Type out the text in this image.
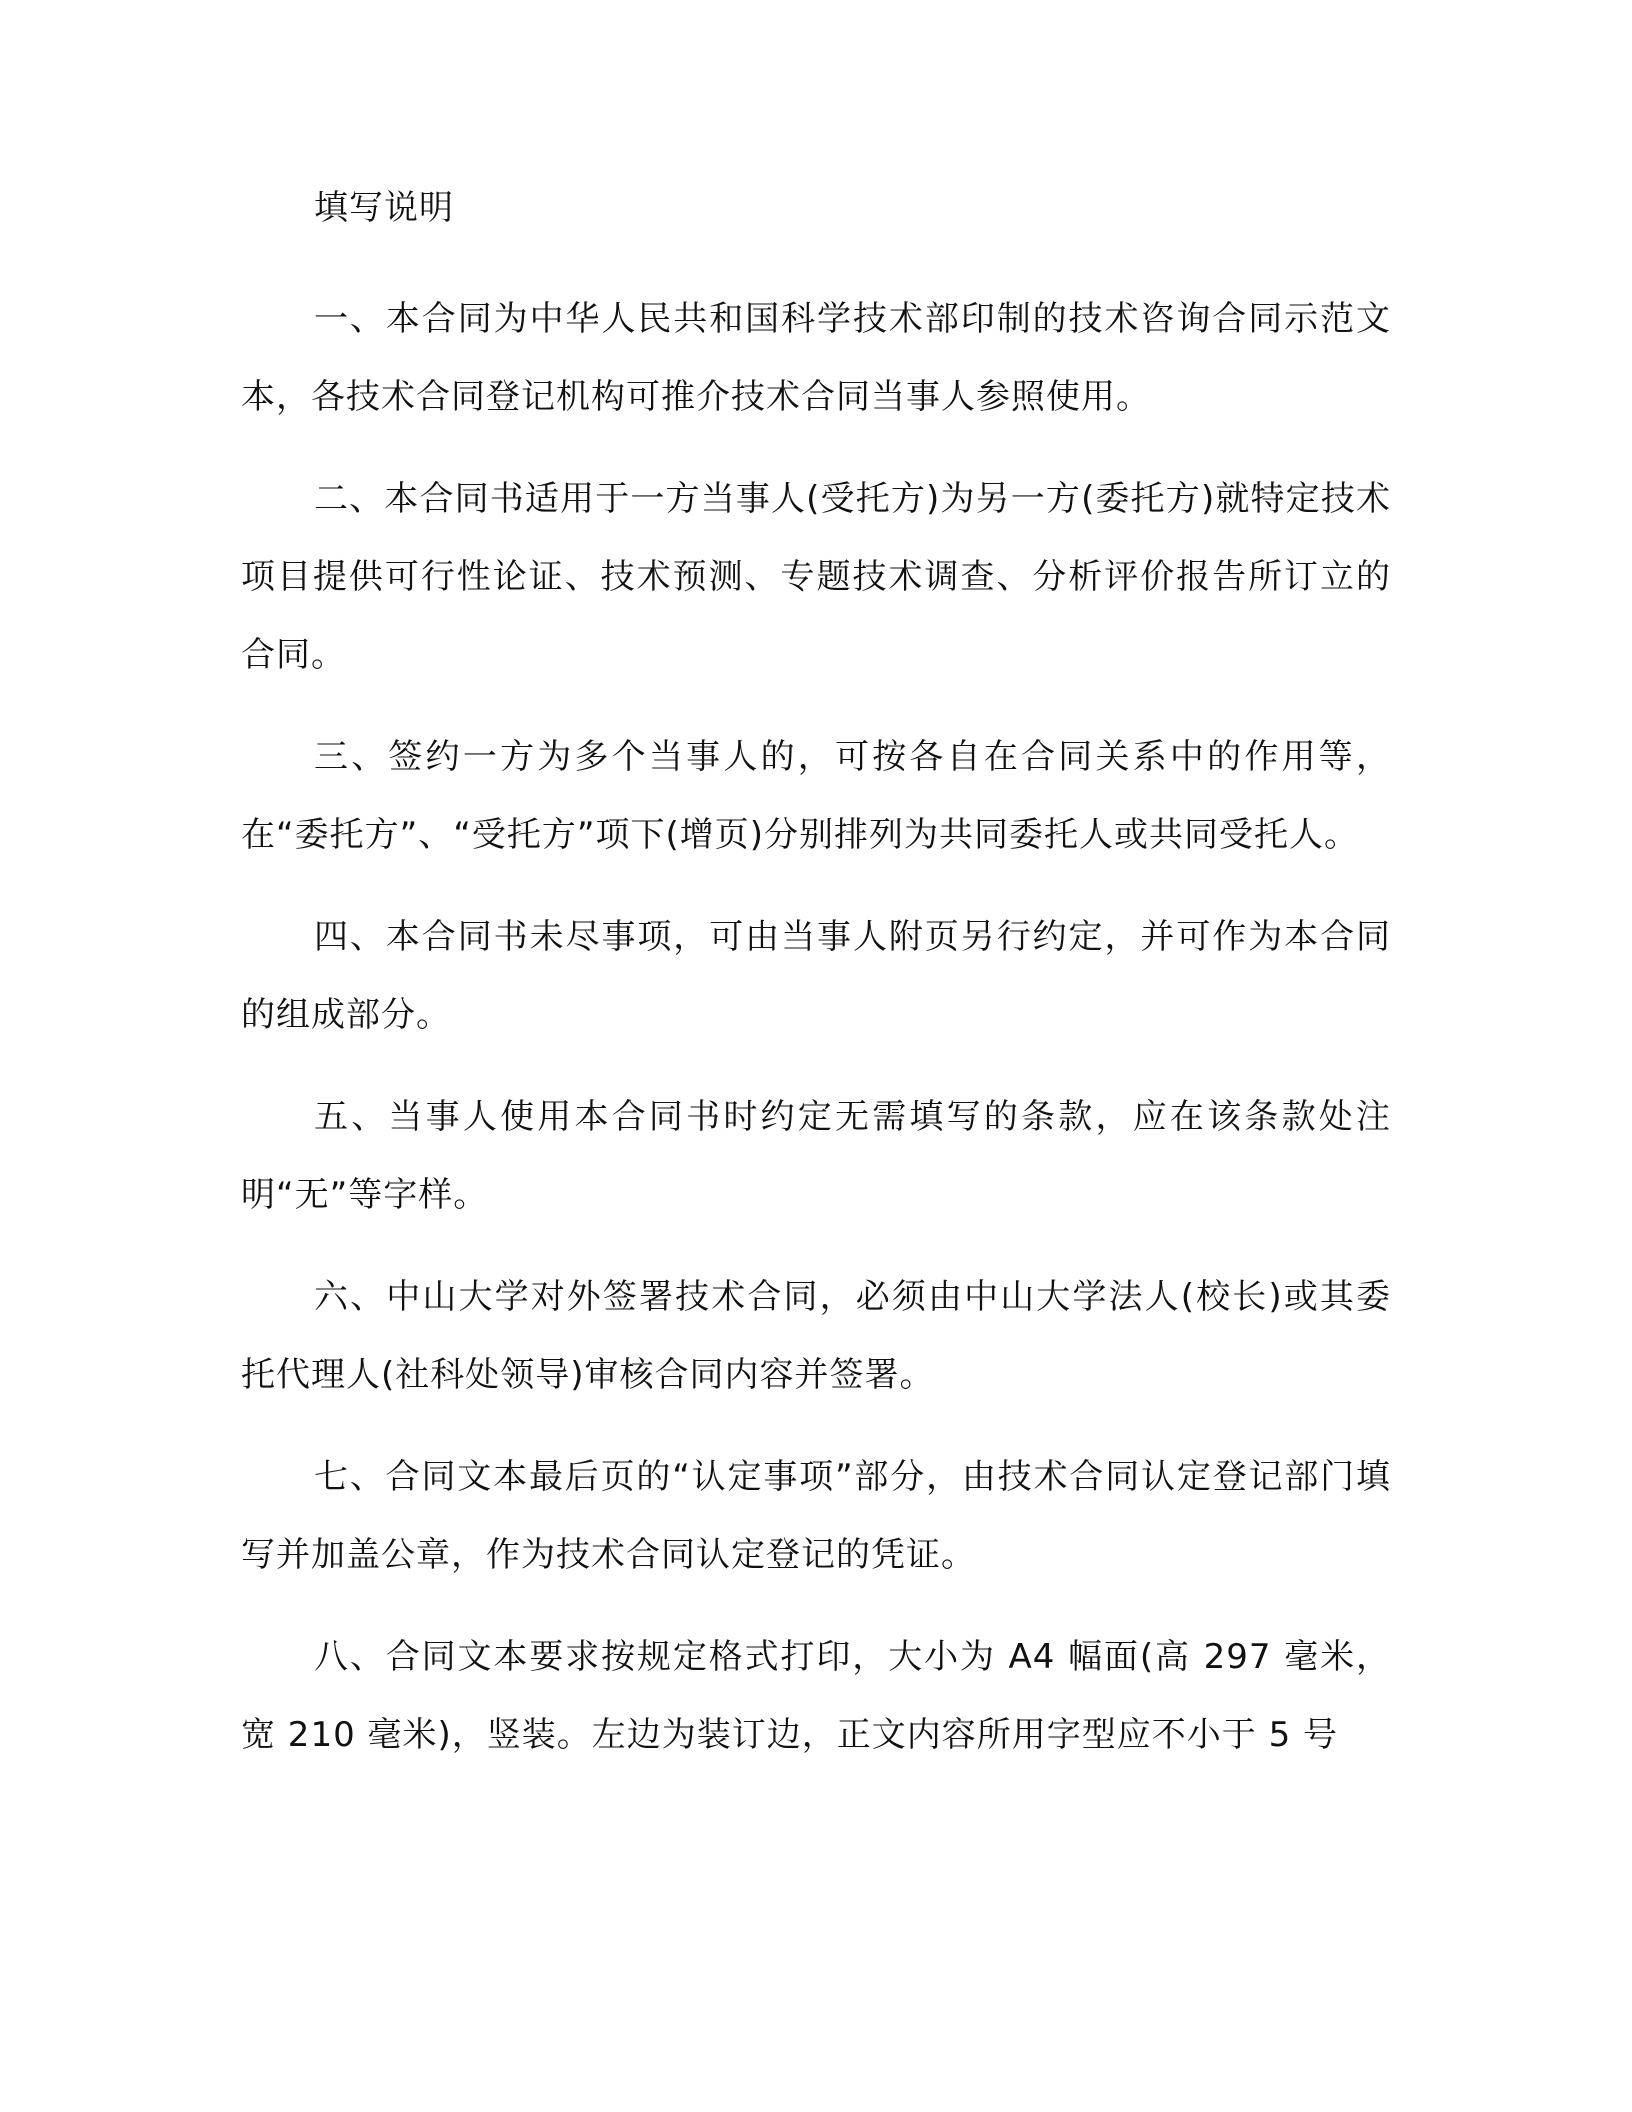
填写说明

一、本合同为中华人民共和国科学技术部印制的技术咨询合同示范文本，各技术合同登记机构可推介技术合同当事人参照使用。

二、本合同书适用于一方当事人(受托方)为另一方(委托方)就特定技术项目提供可行性论证、技术预测、专题技术调查、分析评价报告所订立的合同。

三、签约一方为多个当事人的，可按各自在合同关系中的作用等，在“委托方”、“受托方”项下(增页)分别排列为共同委托人或共同受托人。

四、本合同书未尽事项，可由当事人附页另行约定，并可作为本合同的组成部分。

五、当事人使用本合同书时约定无需填写的条款，应在该条款处注明“无”等字样。

六、中山大学对外签署技术合同，必须由中山大学法人(校长)或其委托代理人(社科处领导)审核合同内容并签署。

七、合同文本最后页的“认定事项”部分，由技术合同认定登记部门填写并加盖公章，作为技术合同认定登记的凭证。

八、合同文本要求按规定格式打印，大小为 A4 幅面(高 297 毫米，宽 210 毫米)，竖装。左边为装订边，正文内容所用字型应不小于 5 号
